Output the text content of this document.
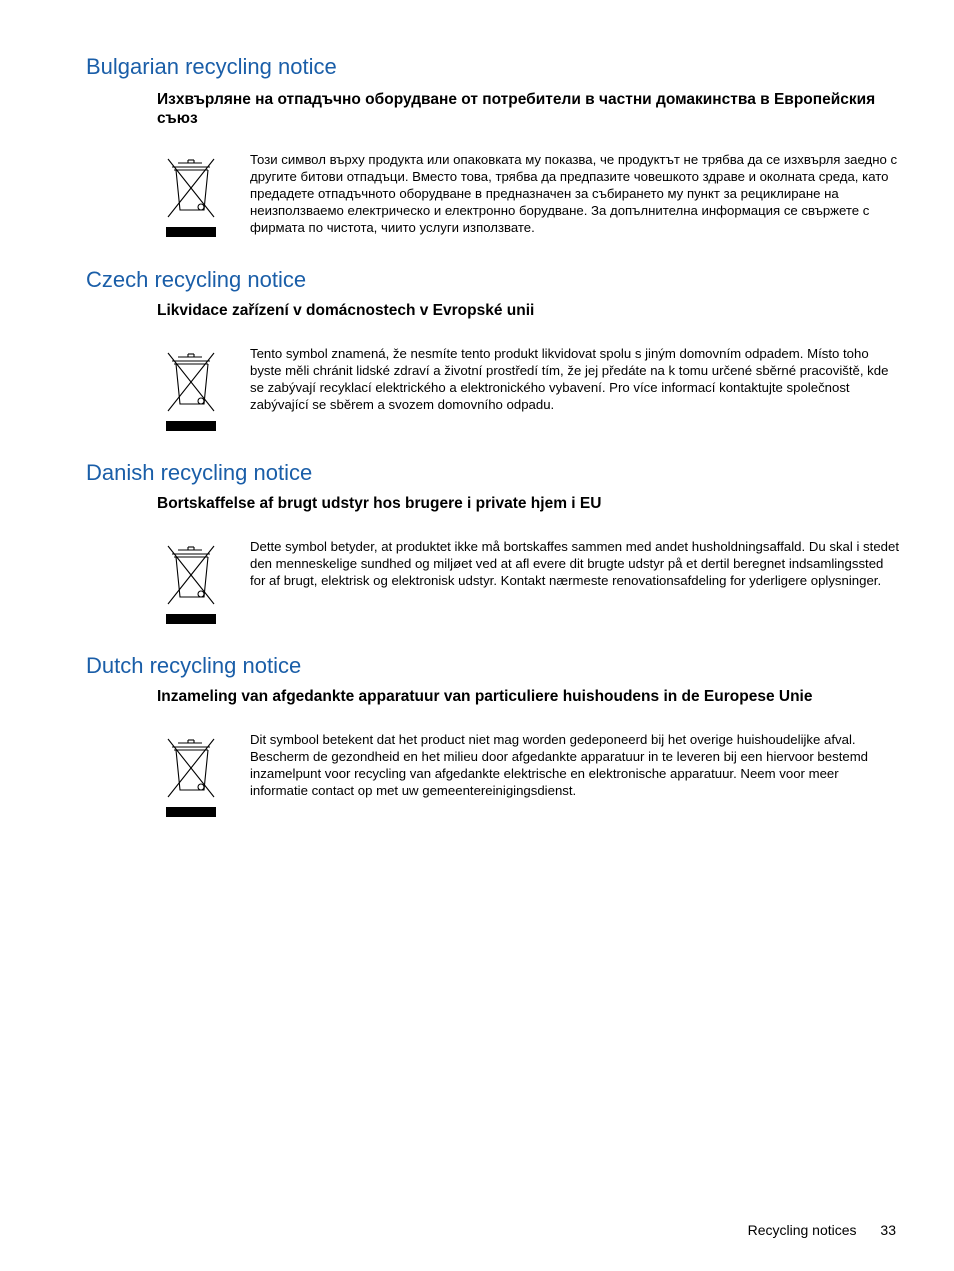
Bulgarian recycling notice

Изхвърляне на отпадъчно оборудване от потребители в частни домакинства в Европейския съюз

Този символ върху продукта или опаковката му показва, че продуктът не трябва да се изхвърля заедно с другите битови отпадъци. Вместо това, трябва да предпазите човешкото здраве и околната среда, като предадете отпадъчното оборудване в предназначен за събирането му пункт за рециклиране на неизползваемо електрическо и електронно борудване. За допълнителна информация се свържете с фирмата по чистота, чиито услуги използвате.

Czech recycling notice

Likvidace zařízení v domácnostech v Evropské unii

Tento symbol znamená, že nesmíte tento produkt likvidovat spolu s jiným domovním odpadem. Místo toho byste měli chránit lidské zdraví a životní prostředí tím, že jej předáte na k tomu určené sběrné pracoviště, kde se zabývají recyklací elektrického a elektronického vybavení. Pro více informací kontaktujte společnost zabývající se sběrem a svozem domovního odpadu.

Danish recycling notice

Bortskaffelse af brugt udstyr hos brugere i private hjem i EU

Dette symbol betyder, at produktet ikke må bortskaffes sammen med andet husholdningsaffald. Du skal i stedet den menneskelige sundhed og miljøet ved at afl evere dit brugte udstyr på et dertil beregnet indsamlingssted for af brugt, elektrisk og elektronisk udstyr. Kontakt nærmeste renovationsafdeling for yderligere oplysninger.

Dutch recycling notice

Inzameling van afgedankte apparatuur van particuliere huishoudens in de Europese Unie

Dit symbool betekent dat het product niet mag worden gedeponeerd bij het overige huishoudelijke afval. Bescherm de gezondheid en het milieu door afgedankte apparatuur in te leveren bij een hiervoor bestemd inzamelpunt voor recycling van afgedankte elektrische en elektronische apparatuur. Neem voor meer informatie contact op met uw gemeentereinigingsdienst.

Recycling notices 33
